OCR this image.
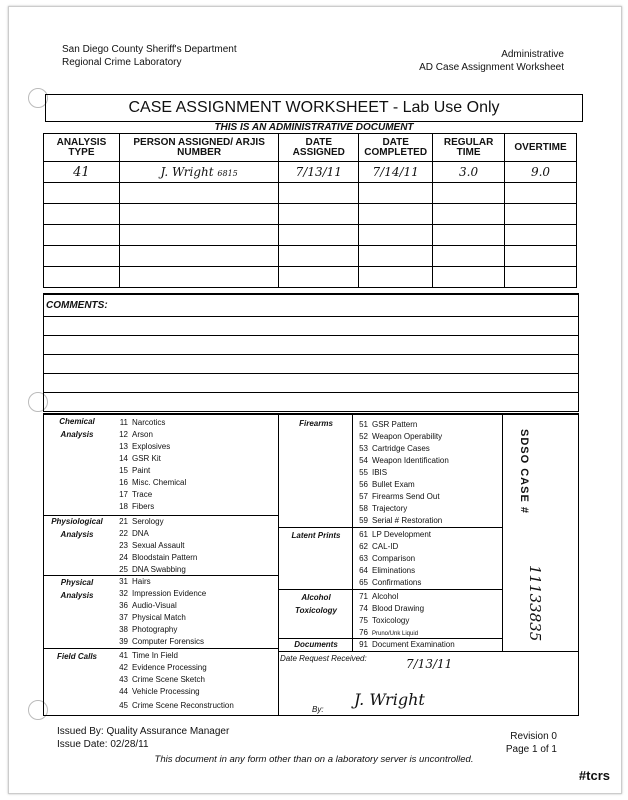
San Diego County Sheriff's Department
Regional Crime Laboratory
Administrative
AD Case Assignment Worksheet
CASE ASSIGNMENT WORKSHEET - Lab Use Only
THIS IS AN ADMINISTRATIVE DOCUMENT
ANALYSIS TYPE	PERSON ASSIGNED/ ARJIS NUMBER	DATE ASSIGNED	DATE COMPLETED	REGULAR TIME	OVERTIME
41	J. Wright 6815	7/13/11	7/14/11	3.0	9.0

COMMENTS:
Chemical Analysis
11 Narcotics
12 Arson
13 Explosives
14 GSR Kit
15 Paint
16 Misc. Chemical
17 Trace
18 Fibers
Physiological Analysis
21 Serology
22 DNA
23 Sexual Assault
24 Bloodstain Pattern
25 DNA Swabbing
Physical Analysis
31 Hairs
32 Impression Evidence
36 Audio-Visual
37 Physical Match
38 Photography
39 Computer Forensics
Field Calls	41 Time In Field
42 Evidence Processing
43 Crime Scene Sketch
44 Vehicle Processing
45 Crime Scene Reconstruction
Firearms	51 GSR Pattern
52 Weapon Operability
53 Cartridge Cases
54 Weapon Identification
55 IBIS
56 Bullet Exam
57 Firearms Send Out
58 Trajectory
59 Serial # Restoration
Latent Prints	61 LP Development
62 CAL-ID
63 Comparison
64 Eliminations
65 Confirmations
Alcohol Toxicology
71 Alcohol
74 Blood Drawing
75 Toxicology
76 Pruno/Unk Liquid
Documents	91 Document Examination
SDSO CASE #
11133835
Date Request Received:	7/13/11
By:
J. Wright
Issued By: Quality Assurance Manager
Issue Date: 02/28/11
Revision 0
Page 1 of 1
This document in any form other than on a laboratory server is uncontrolled.
#tcrs
